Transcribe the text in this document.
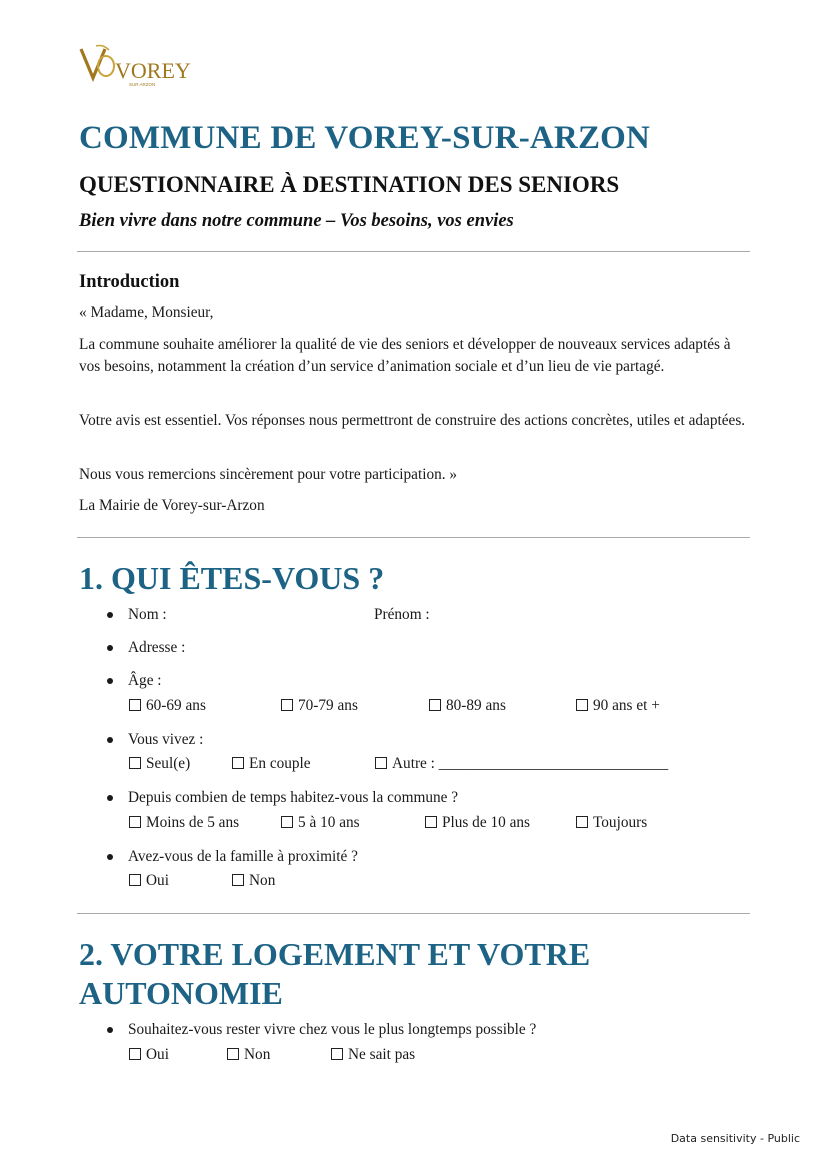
VOREY
SUR ARZON
COMMUNE DE VOREY-SUR-ARZON
QUESTIONNAIRE À DESTINATION DES SENIORS

Bien vivre dans notre commune – Vos besoins, vos envies

Introduction

« Madame, Monsieur,

La commune souhaite améliorer la qualité de vie des seniors et développer de nouveaux services adaptés à vos besoins, notamment la création d’un service d’animation sociale et d’un lieu de vie partagé.

Votre avis est essentiel. Vos réponses nous permettront de construire des actions concrètes, utiles et adaptées.

Nous vous remercions sincèrement pour votre participation. »

La Mairie de Vorey-sur-Arzon

1. QUI ÊTES-VOUS ?
Nom :	Prénom :
Adresse :
Âge :
60-69 ans	70-79 ans	80-89 ans	90 ans et +
Vous vivez :
Seul(e)	En couple	Autre : ______________________________
Depuis combien de temps habitez-vous la commune ?
Moins de 5 ans	5 à 10 ans	Plus de 10 ans	Toujours
Avez-vous de la famille à proximité ?
Oui	Non
2. VOTRE LOGEMENT ET VOTRE
AUTONOMIE
Souhaitez-vous rester vivre chez vous le plus longtemps possible ?
Oui	Non	Ne sait pas
Data sensitivity - Public
